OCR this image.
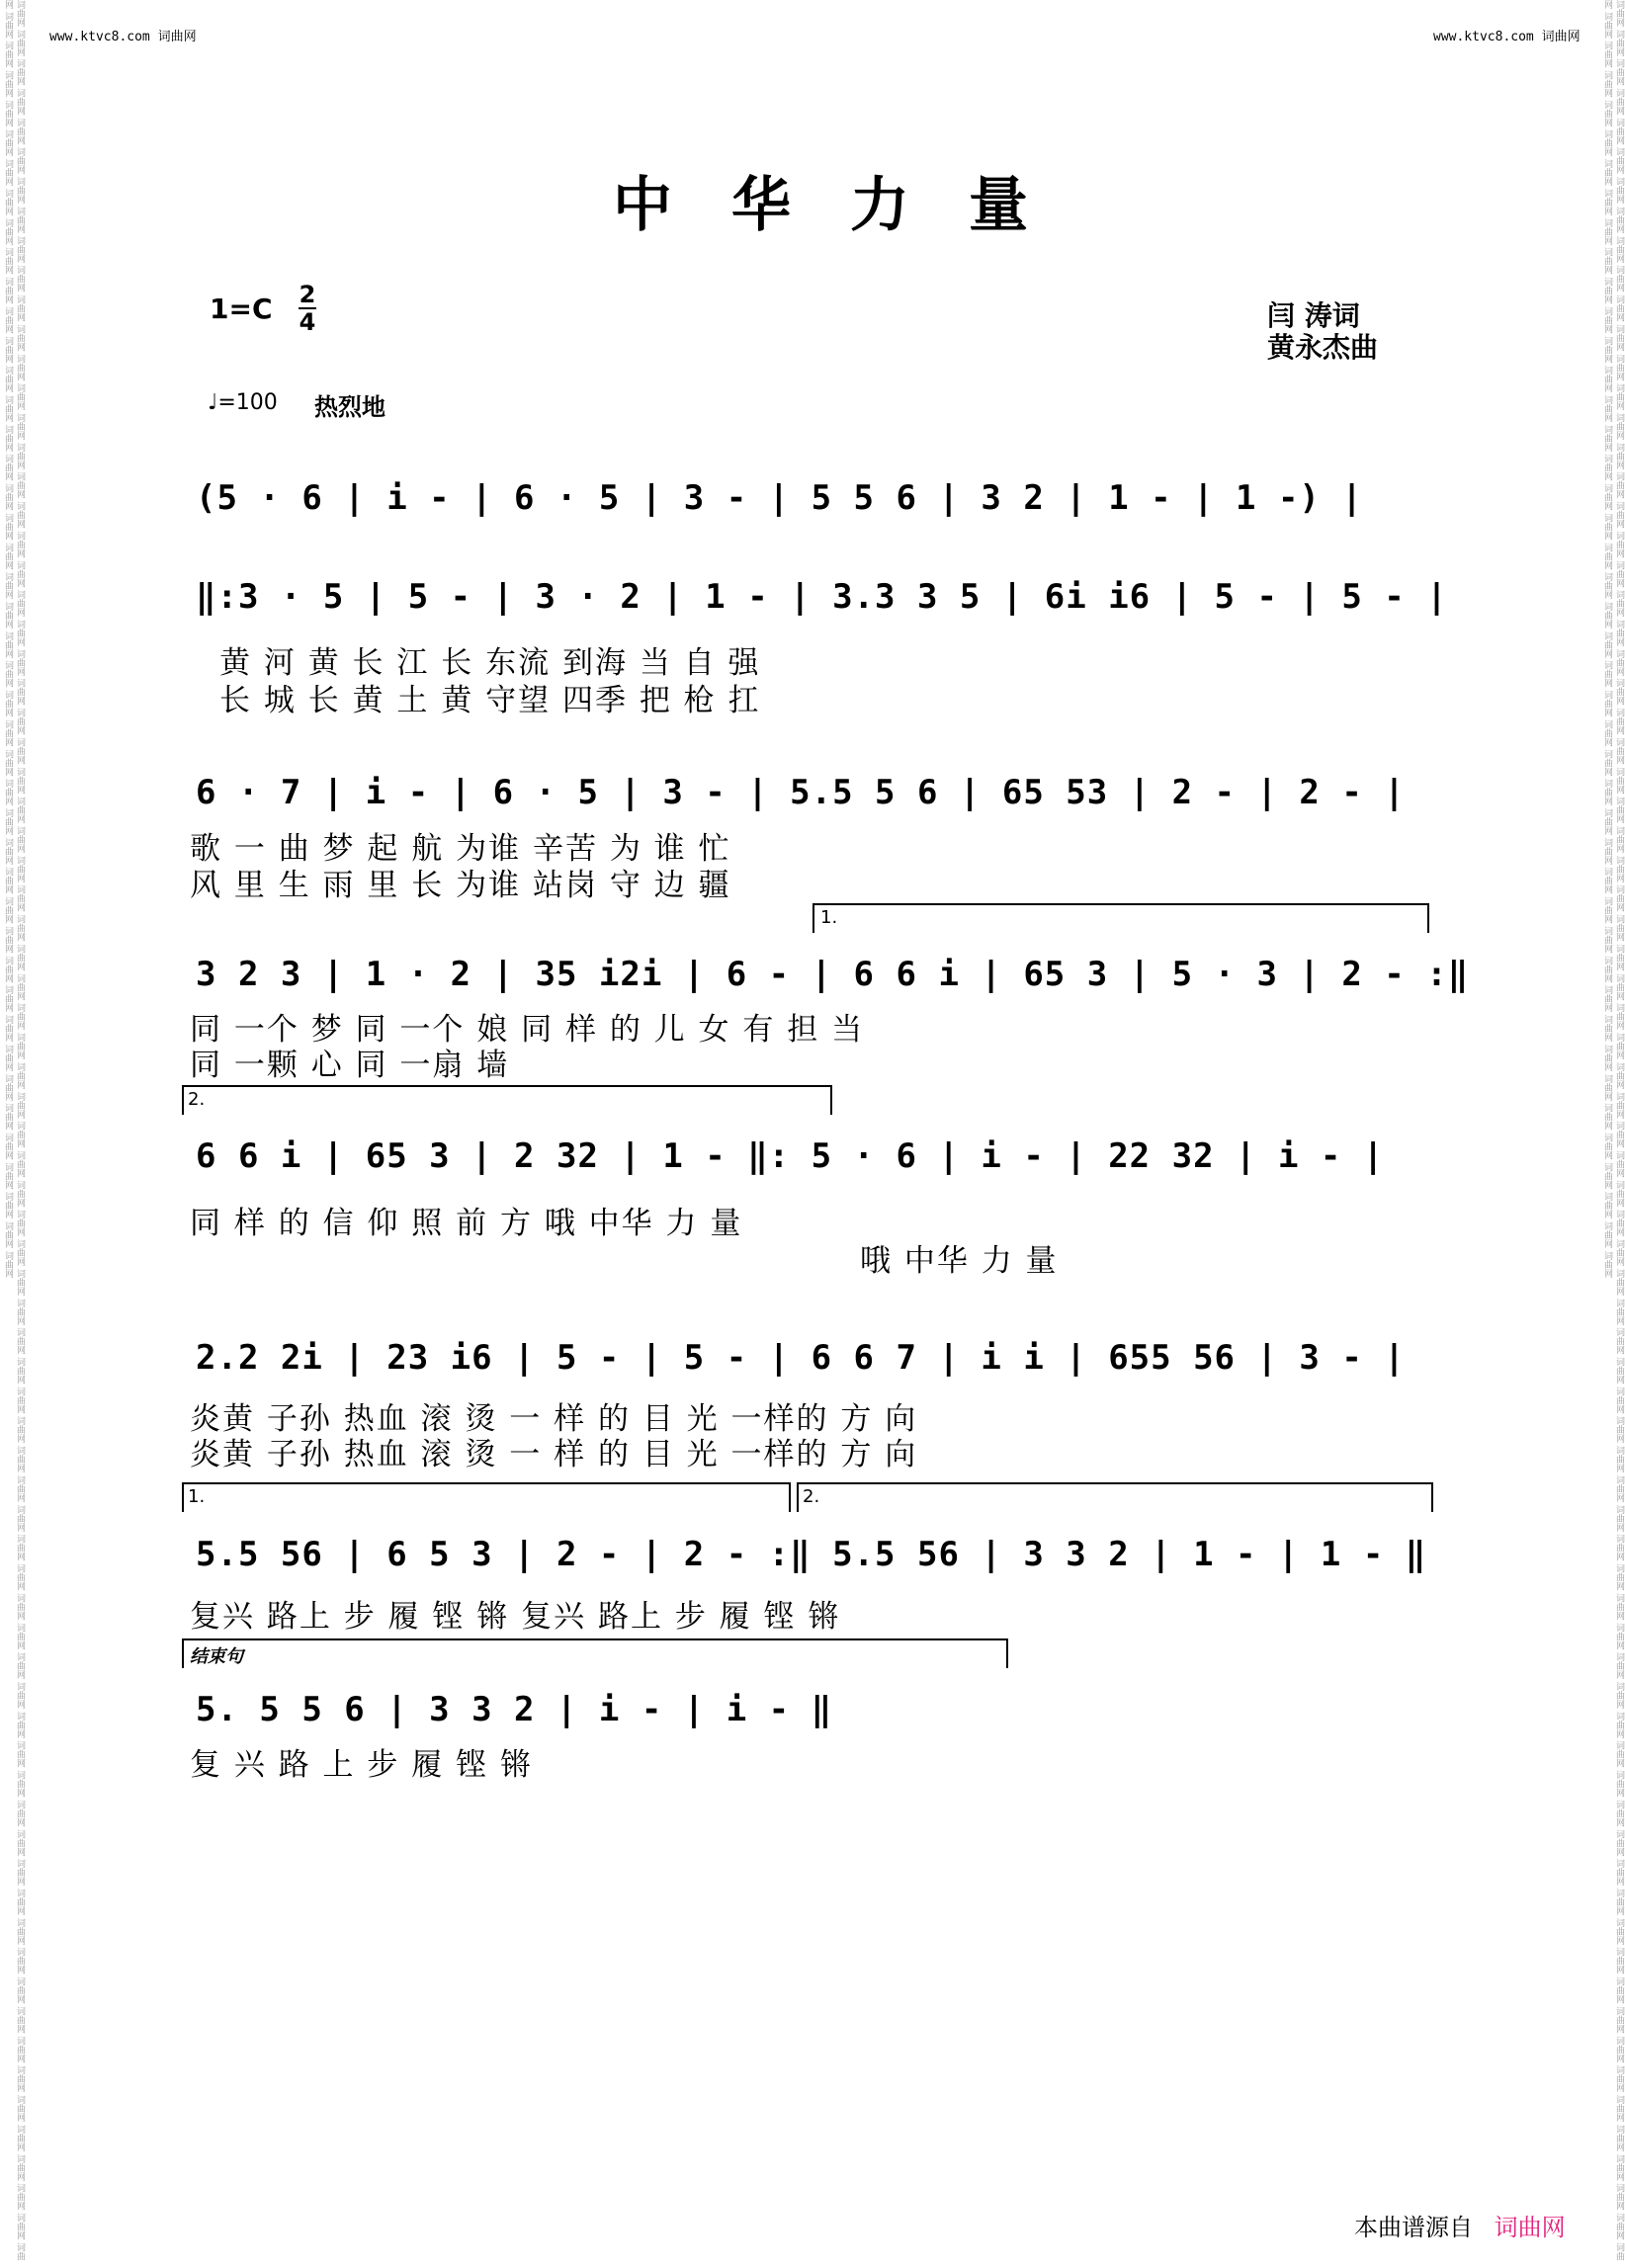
www.ktvc8.com 词曲网	www.ktvc8.com 词曲网
词曲网 词曲网 词曲网 词曲网 词曲网 词曲网 词曲网 词曲网 词曲网 词曲网 词曲网 词曲网 词曲网 词曲网 词曲网 词曲网 词曲网 词曲网 词曲网 词曲网 词曲网 词曲网 词曲网 词曲网 词曲网 词曲网 词曲网 词曲网 词曲网 词曲网 词曲网 词曲网 词曲网 词曲网 词曲网 词曲网 词曲网 词曲网 词曲网 词曲网 词曲网 词曲网 词曲网 词曲网 词曲网 词曲网 词曲网 词曲网 词曲网 词曲网 词曲网 词曲网 词曲网 词曲网 词曲网 词曲网 词曲网 词曲网 词曲网 词曲网 词曲网 词曲网 词曲网 词曲网 词曲网 词曲网 词曲网 词曲网 词曲网 词曲网 词曲网 词曲网 词曲网 词曲网 词曲网 词曲网 词曲网 词曲网 词曲网 词曲网 词曲网 词曲网 词曲网 词曲网 词曲网 词曲网 词曲网 词曲网 词曲网 词曲网 词曲网 词曲网 词曲网 词曲网 词曲网 词曲网 词曲网 词曲网 词曲网 词曲网 词曲网 词曲网 词曲网 词曲网 词曲网 词曲网 词曲网 词曲网 词曲网 词曲网 词曲网 词曲网 词曲网 词曲网 词曲网 词曲网 词曲网 词曲网 词曲网 词曲网	词曲网 词曲网 词曲网 词曲网 词曲网 词曲网 词曲网 词曲网 词曲网 词曲网 词曲网 词曲网 词曲网 词曲网 词曲网 词曲网 词曲网 词曲网 词曲网 词曲网 词曲网 词曲网 词曲网 词曲网 词曲网 词曲网 词曲网 词曲网 词曲网 词曲网 词曲网 词曲网 词曲网 词曲网 词曲网 词曲网 词曲网 词曲网 词曲网 词曲网 词曲网 词曲网 词曲网 词曲网 词曲网 词曲网 词曲网 词曲网 词曲网 词曲网 词曲网 词曲网 词曲网 词曲网 词曲网 词曲网 词曲网 词曲网 词曲网 词曲网 词曲网 词曲网 词曲网 词曲网 词曲网 词曲网 词曲网 词曲网 词曲网 词曲网 词曲网 词曲网 词曲网 词曲网 词曲网 词曲网 词曲网 词曲网 词曲网 词曲网 词曲网 词曲网 词曲网 词曲网 词曲网 词曲网 词曲网 词曲网 词曲网 词曲网 词曲网 词曲网 词曲网 词曲网 词曲网 词曲网 词曲网 词曲网 词曲网 词曲网 词曲网 词曲网 词曲网 词曲网 词曲网 词曲网 词曲网 词曲网 词曲网 词曲网 词曲网 词曲网 词曲网 词曲网 词曲网 词曲网 词曲网 词曲网 词曲网 词曲网
中华力量
1=C 2
4	闫 涛词
黄永杰曲
♩=100 热烈地
(5 · 6 | i - | 6 · 5 | 3 - | 5 5 6 | 3 2 | 1 - | 1 -) |
‖:3 · 5 | 5 - | 3 · 2 | 1 - | 3.3 3 5 | 6i i6 | 5 - | 5 - |
黄 河 黄 长 江 长 东流 到海 当 自 强
长 城 长 黄 土 黄 守望 四季 把 枪 扛
6 · 7 | i - | 6 · 5 | 3 - | 5.5 5 6 | 65 53 | 2 - | 2 - |
歌 一 曲 梦 起 航 为谁 辛苦 为 谁 忙
风 里 生 雨 里 长 为谁 站岗 守 边 疆
1.
3 2 3 | 1 · 2 | 35 i2i | 6 - | 6 6 i | 65 3 | 5 · 3 | 2 - :‖
同 一个 梦 同 一个 娘 同 样 的 儿 女 有 担 当
同 一颗 心 同 一扇 墙
2.
6 6 i | 65 3 | 2 32 | 1 - ‖: 5 · 6 | i - | 22 32 | i - |
同 样 的 信 仰 照 前 方 哦 中华 力 量
哦 中华 力 量
2.2 2i | 23 i6 | 5 - | 5 - | 6 6 7 | i i | 655 56 | 3 - |
炎黄 子孙 热血 滚 烫 一 样 的 目 光 一样的 方 向
炎黄 子孙 热血 滚 烫 一 样 的 目 光 一样的 方 向
1.	2.
5.5 56 | 6 5 3 | 2 - | 2 - :‖ 5.5 56 | 3 3 2 | 1 - | 1 - ‖
复兴 路上 步 履 铿 锵 复兴 路上 步 履 铿 锵
结束句
5. 5 5 6 | 3 3 2 | i - | i - ‖
复 兴 路 上 步 履 铿 锵
本曲谱源自 词曲网
